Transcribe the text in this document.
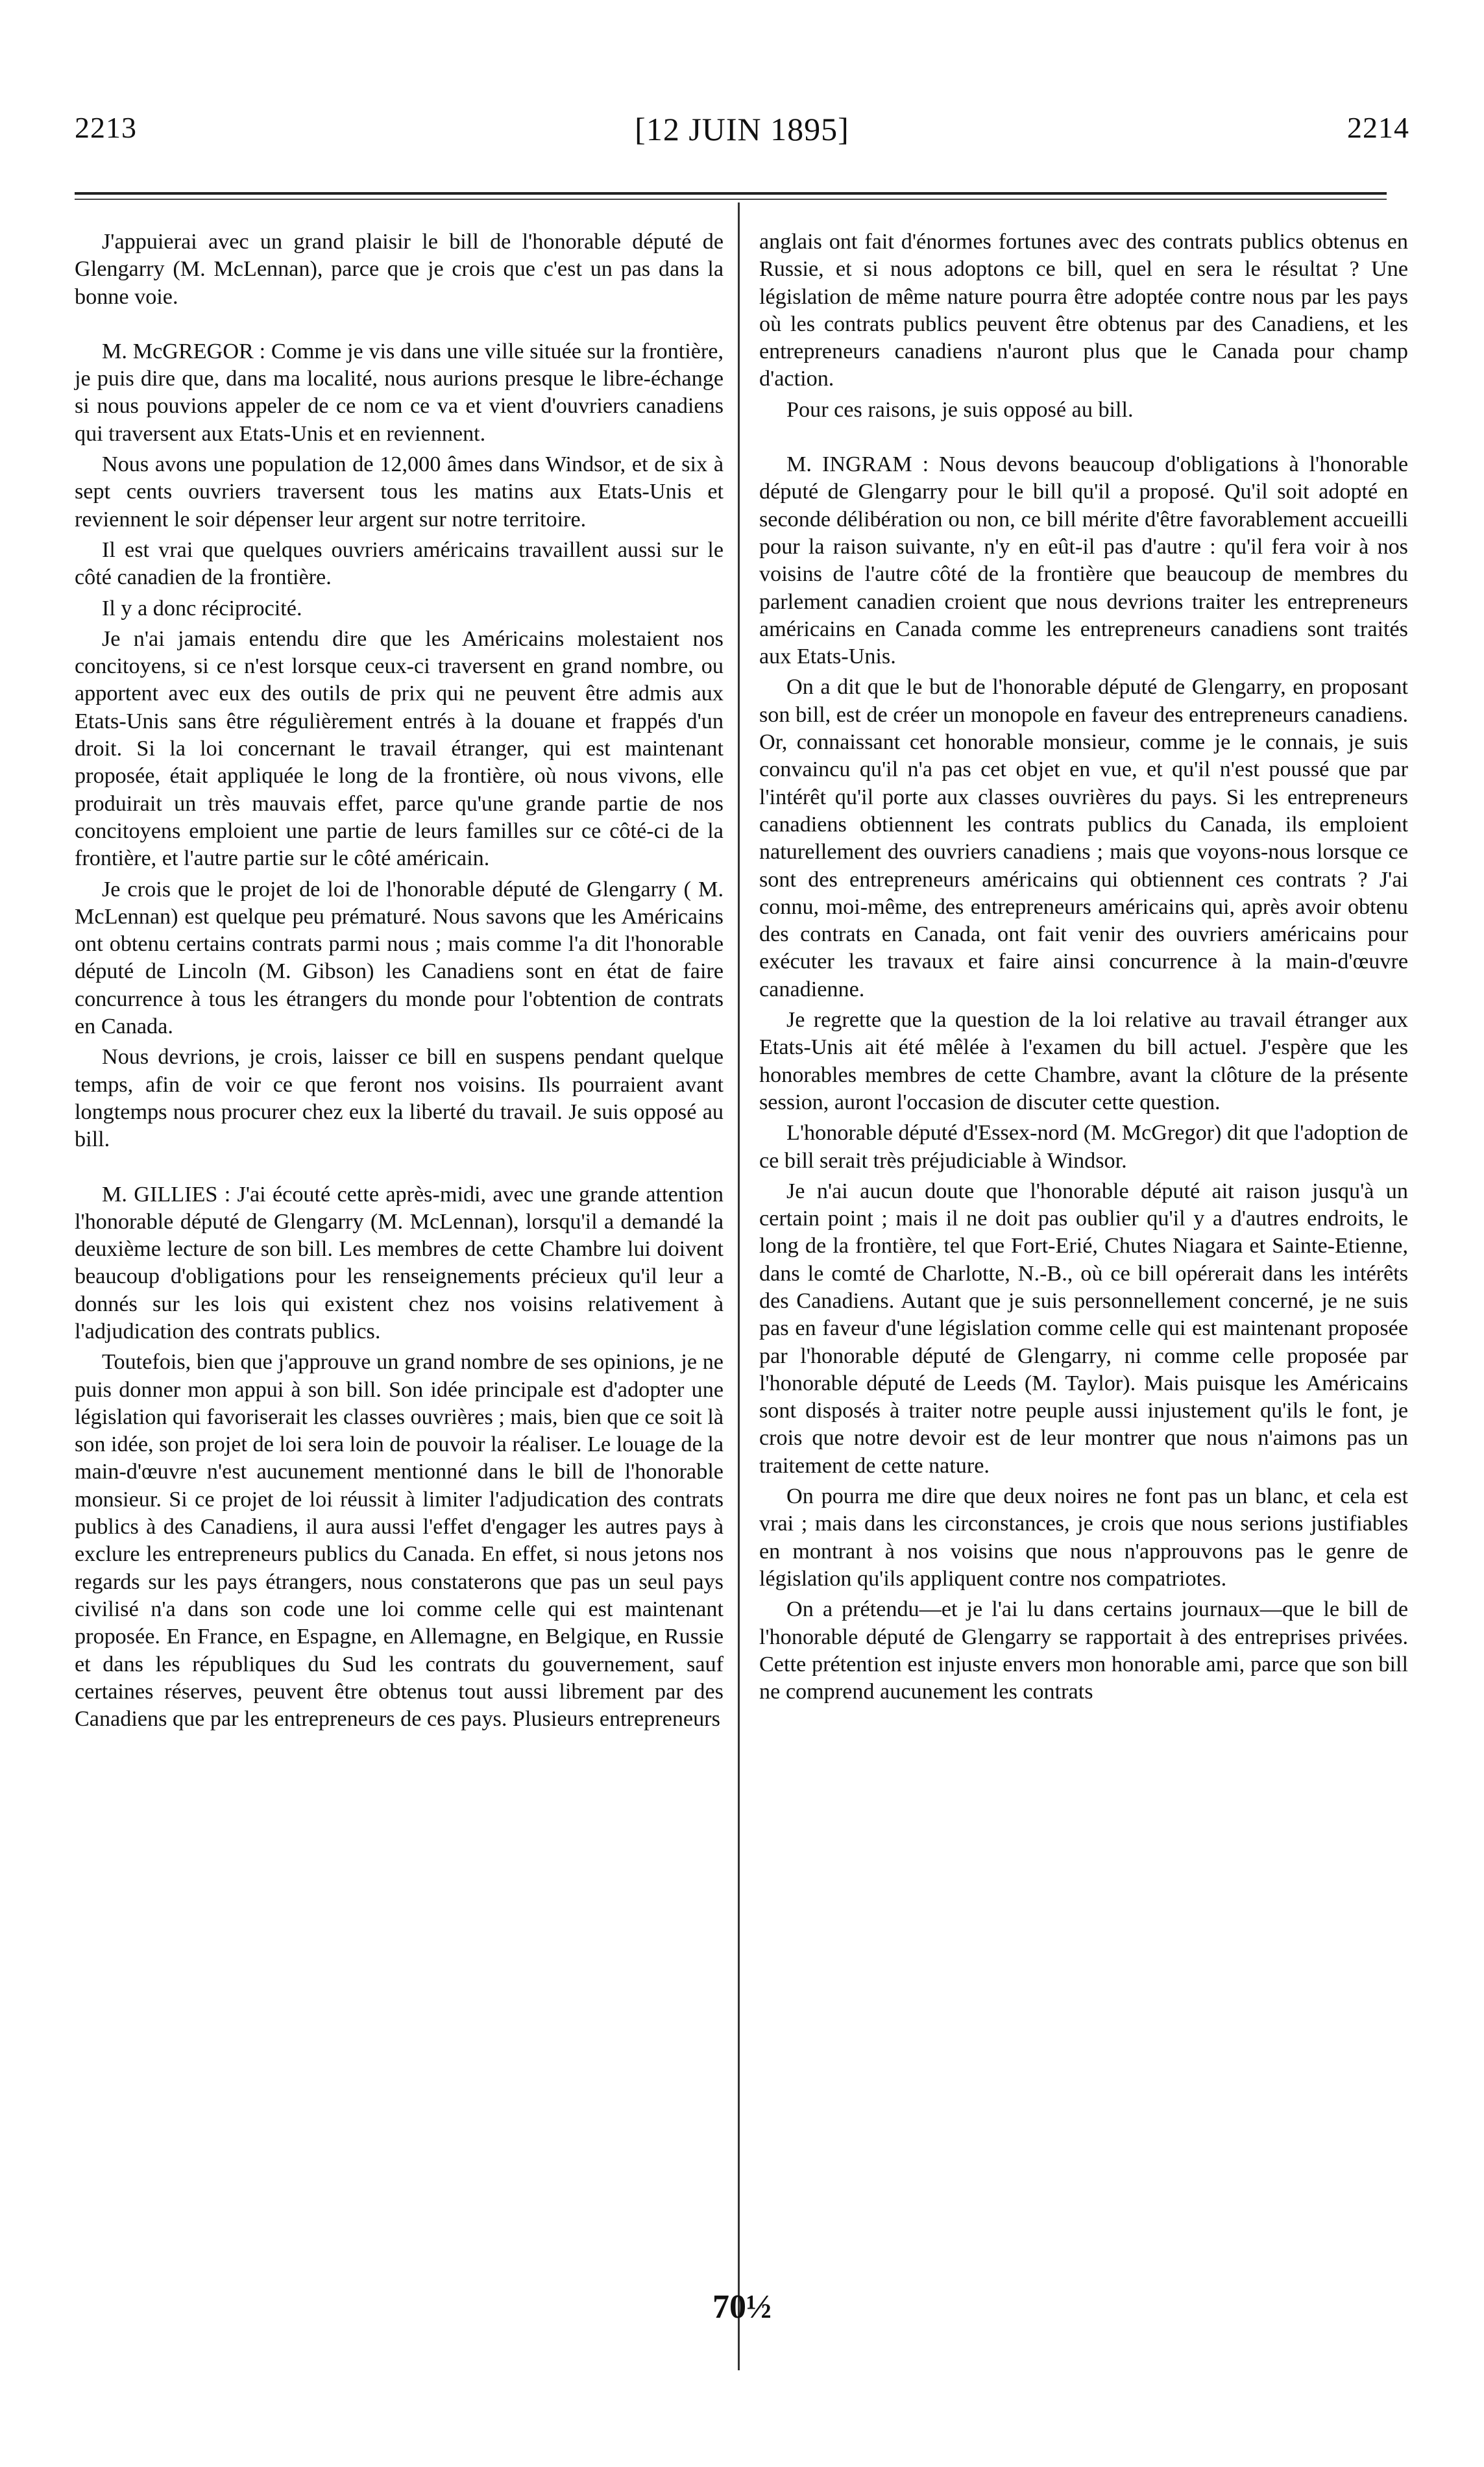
2213	[12 JUIN 1895]	2214

J'appuierai avec un grand plaisir le bill de l'honorable député de Glengarry (M. McLennan), parce que je crois que c'est un pas dans la bonne voie.

M. McGREGOR : Comme je vis dans une ville située sur la frontière, je puis dire que, dans ma localité, nous aurions presque le libre-échange si nous pouvions appeler de ce nom ce va et vient d'ouvriers canadiens qui traversent aux Etats-Unis et en reviennent.

Nous avons une population de 12,000 âmes dans Windsor, et de six à sept cents ouvriers traversent tous les matins aux Etats-Unis et reviennent le soir dépenser leur argent sur notre territoire.

Il est vrai que quelques ouvriers américains travaillent aussi sur le côté canadien de la frontière.

Il y a donc réciprocité.

Je n'ai jamais entendu dire que les Américains molestaient nos concitoyens, si ce n'est lorsque ceux-ci traversent en grand nombre, ou apportent avec eux des outils de prix qui ne peuvent être admis aux Etats-Unis sans être régulièrement entrés à la douane et frappés d'un droit. Si la loi concernant le travail étranger, qui est maintenant proposée, était appliquée le long de la frontière, où nous vivons, elle produirait un très mauvais effet, parce qu'une grande partie de nos concitoyens emploient une partie de leurs familles sur ce côté-ci de la frontière, et l'autre partie sur le côté américain.

Je crois que le projet de loi de l'honorable député de Glengarry ( M. McLennan) est quelque peu prématuré. Nous savons que les Américains ont obtenu certains contrats parmi nous ; mais comme l'a dit l'honorable député de Lincoln (M. Gibson) les Canadiens sont en état de faire concurrence à tous les étrangers du monde pour l'obtention de contrats en Canada.

Nous devrions, je crois, laisser ce bill en suspens pendant quelque temps, afin de voir ce que feront nos voisins. Ils pourraient avant longtemps nous procurer chez eux la liberté du travail. Je suis opposé au bill.

M. GILLIES : J'ai écouté cette après-midi, avec une grande attention l'honorable député de Glengarry (M. McLennan), lorsqu'il a demandé la deuxième lecture de son bill. Les membres de cette Chambre lui doivent beaucoup d'obligations pour les renseignements précieux qu'il leur a donnés sur les lois qui existent chez nos voisins relativement à l'adjudication des contrats publics.

Toutefois, bien que j'approuve un grand nombre de ses opinions, je ne puis donner mon appui à son bill. Son idée principale est d'adopter une législation qui favoriserait les classes ouvrières ; mais, bien que ce soit là son idée, son projet de loi sera loin de pouvoir la réaliser. Le louage de la main-d'œuvre n'est aucunement mentionné dans le bill de l'honorable monsieur. Si ce projet de loi réussit à limiter l'adjudication des contrats publics à des Canadiens, il aura aussi l'effet d'engager les autres pays à exclure les entrepreneurs publics du Canada. En effet, si nous jetons nos regards sur les pays étrangers, nous constaterons que pas un seul pays civilisé n'a dans son code une loi comme celle qui est maintenant proposée. En France, en Espagne, en Allemagne, en Belgique, en Russie et dans les républiques du Sud les contrats du gouvernement, sauf certaines réserves, peuvent être obtenus tout aussi librement par des Canadiens que par les entrepreneurs de ces pays. Plusieurs entrepreneurs

anglais ont fait d'énormes fortunes avec des contrats publics obtenus en Russie, et si nous adoptons ce bill, quel en sera le résultat ? Une législation de même nature pourra être adoptée contre nous par les pays où les contrats publics peuvent être obtenus par des Canadiens, et les entrepreneurs canadiens n'auront plus que le Canada pour champ d'action.

Pour ces raisons, je suis opposé au bill.

M. INGRAM : Nous devons beaucoup d'obligations à l'honorable député de Glengarry pour le bill qu'il a proposé. Qu'il soit adopté en seconde délibération ou non, ce bill mérite d'être favorablement accueilli pour la raison suivante, n'y en eût-il pas d'autre : qu'il fera voir à nos voisins de l'autre côté de la frontière que beaucoup de membres du parlement canadien croient que nous devrions traiter les entrepreneurs américains en Canada comme les entrepreneurs canadiens sont traités aux Etats-Unis.

On a dit que le but de l'honorable député de Glengarry, en proposant son bill, est de créer un monopole en faveur des entrepreneurs canadiens. Or, connaissant cet honorable monsieur, comme je le connais, je suis convaincu qu'il n'a pas cet objet en vue, et qu'il n'est poussé que par l'intérêt qu'il porte aux classes ouvrières du pays. Si les entrepreneurs canadiens obtiennent les contrats publics du Canada, ils emploient naturellement des ouvriers canadiens ; mais que voyons-nous lorsque ce sont des entrepreneurs américains qui obtiennent ces contrats ? J'ai connu, moi-même, des entrepreneurs américains qui, après avoir obtenu des contrats en Canada, ont fait venir des ouvriers américains pour exécuter les travaux et faire ainsi concurrence à la main-d'œuvre canadienne.

Je regrette que la question de la loi relative au travail étranger aux Etats-Unis ait été mêlée à l'examen du bill actuel. J'espère que les honorables membres de cette Chambre, avant la clôture de la présente session, auront l'occasion de discuter cette question.

L'honorable député d'Essex-nord (M. McGregor) dit que l'adoption de ce bill serait très préjudiciable à Windsor.

Je n'ai aucun doute que l'honorable député ait raison jusqu'à un certain point ; mais il ne doit pas oublier qu'il y a d'autres endroits, le long de la frontière, tel que Fort-Erié, Chutes Niagara et Sainte-Etienne, dans le comté de Charlotte, N.-B., où ce bill opérerait dans les intérêts des Canadiens. Autant que je suis personnellement concerné, je ne suis pas en faveur d'une législation comme celle qui est maintenant proposée par l'honorable député de Glengarry, ni comme celle proposée par l'honorable député de Leeds (M. Taylor). Mais puisque les Américains sont disposés à traiter notre peuple aussi injustement qu'ils le font, je crois que notre devoir est de leur montrer que nous n'aimons pas un traitement de cette nature.

On pourra me dire que deux noires ne font pas un blanc, et cela est vrai ; mais dans les circonstances, je crois que nous serions justifiables en montrant à nos voisins que nous n'approuvons pas le genre de législation qu'ils appliquent contre nos compatriotes.

On a prétendu—et je l'ai lu dans certains journaux—que le bill de l'honorable député de Glengarry se rapportait à des entreprises privées. Cette prétention est injuste envers mon honorable ami, parce que son bill ne comprend aucunement les contrats

70½
